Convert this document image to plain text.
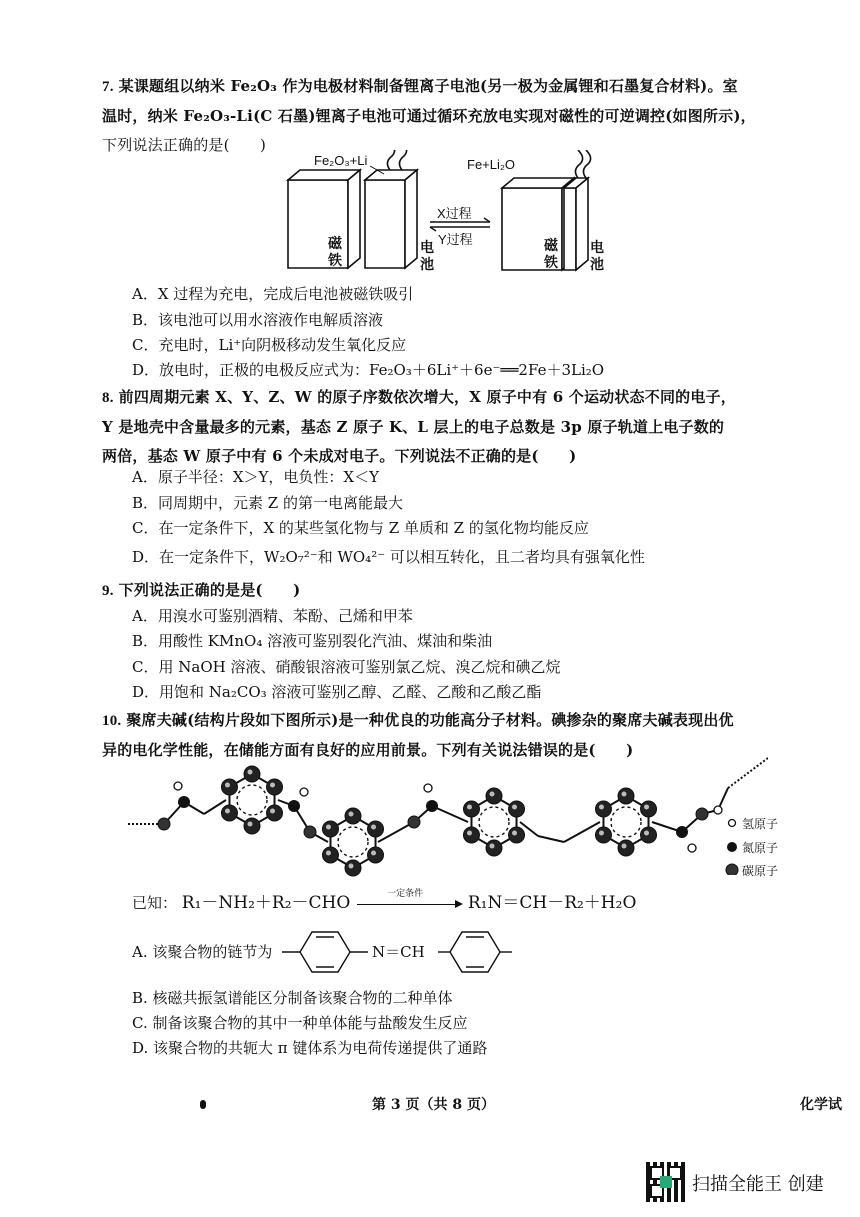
7. 某课题组以纳米 Fe₂O₃ 作为电极材料制备锂离子电池(另一极为金属锂和石墨复合材料)。室
温时，纳米 Fe₂O₃-Li(C 石墨)锂离子电池可通过循环充放电实现对磁性的可逆调控(如图所示)，
下列说法正确的是(　　)
Fe₂O₃+Li	Fe+Li₂O
X过程
Y过程
磁铁
电池
磁铁
电池
A．X 过程为充电，完成后电池被磁铁吸引
B．该电池可以用水溶液作电解质溶液
C．充电时，Li⁺向阴极移动发生氧化反应
D．放电时，正极的电极反应式为：Fe₂O₃＋6Li⁺＋6e⁻══2Fe＋3Li₂O
8. 前四周期元素 X、Y、Z、W 的原子序数依次增大，X 原子中有 6 个运动状态不同的电子，
Y 是地壳中含量最多的元素，基态 Z 原子 K、L 层上的电子总数是 3p 原子轨道上电子数的
两倍，基态 W 原子中有 6 个未成对电子。下列说法不正确的是(　　)
A．原子半径：X＞Y，电负性：X＜Y
B．同周期中，元素 Z 的第一电离能最大
C．在一定条件下，X 的某些氢化物与 Z 单质和 Z 的氢化物均能反应
D．在一定条件下，W₂O₇²⁻和 WO₄²⁻ 可以相互转化，且二者均具有强氧化性
9. 下列说法正确的是是(　　)
A．用溴水可鉴别酒精、苯酚、己烯和甲苯
B．用酸性 KMnO₄ 溶液可鉴别裂化汽油、煤油和柴油
C．用 NaOH 溶液、硝酸银溶液可鉴别氯乙烷、溴乙烷和碘乙烷
D．用饱和 Na₂CO₃ 溶液可鉴别乙醇、乙醛、乙酸和乙酸乙酯
10. 聚席夫碱(结构片段如下图所示)是一种优良的功能高分子材料。碘掺杂的聚席夫碱表现出优
异的电化学性能，在储能方面有良好的应用前景。下列有关说法错误的是(　　)
氢原子
氮原子
碳原子
已知： R₁－NH₂＋R₂－CHO	一定条件	R₁N＝CH－R₂＋H₂O
A. 该聚合物的链节为	N＝CH
B. 核磁共振氢谱能区分制备该聚合物的二种单体
C. 制备该聚合物的其中一种单体能与盐酸发生反应
D. 该聚合物的共轭大 π 键体系为电荷传递提供了通路
第 3 页（共 8 页）	化学试
扫描全能王 创建
